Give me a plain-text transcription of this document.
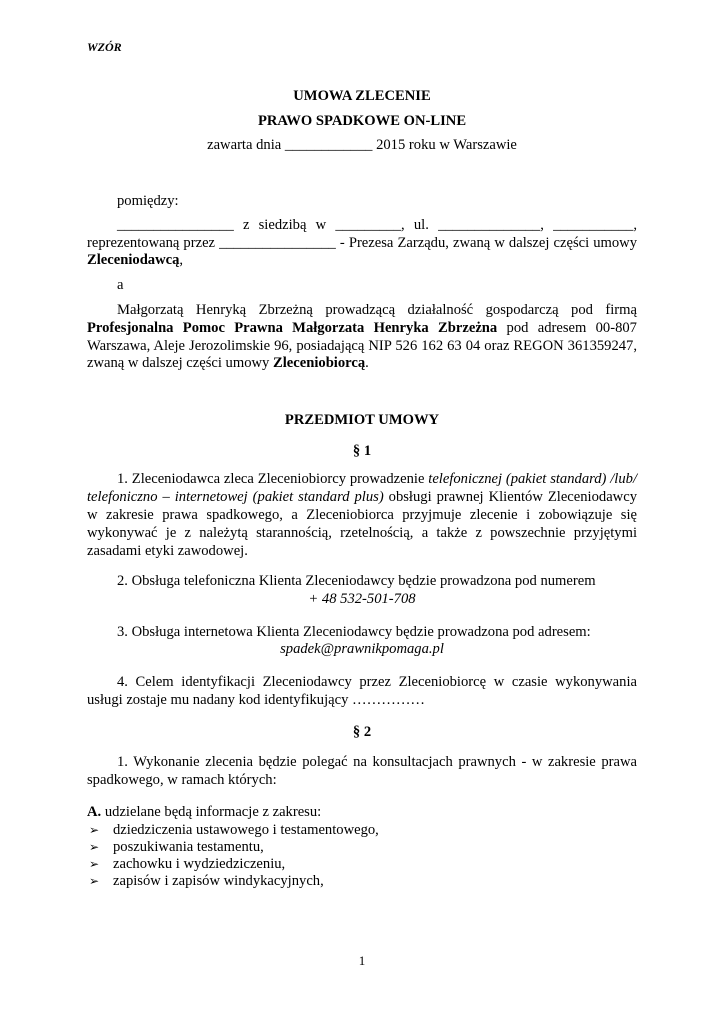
WZÓR
UMOWA ZLECENIE
PRAWO SPADKOWE ON-LINE
zawarta dnia ____________ 2015 roku w Warszawie
pomiędzy:
________________ z siedzibą w _________, ul. ______________, ___________,
reprezentowaną przez ________________ - Prezesa Zarządu, zwaną w dalszej części umowy
Zleceniodawcą,
a
Małgorzatą Henryką Zbrzeżną prowadzącą działalność gospodarczą pod firmą
Profesjonalna Pomoc Prawna Małgorzata Henryka Zbrzeżna pod adresem 00-807
Warszawa, Aleje Jerozolimskie 96, posiadającą NIP 526 162 63 04 oraz REGON 361359247,
zwaną w dalszej części umowy Zleceniobiorcą.
PRZEDMIOT UMOWY
§ 1
1. Zleceniodawca zleca Zleceniobiorcy prowadzenie telefonicznej (pakiet standard) /lub/
telefoniczno – internetowej (pakiet standard plus) obsługi prawnej Klientów Zleceniodawcy
w zakresie prawa spadkowego, a Zleceniobiorca przyjmuje zlecenie i zobowiązuje się
wykonywać je z należytą starannością, rzetelnością, a także z powszechnie przyjętymi
zasadami etyki zawodowej.
2. Obsługa telefoniczna Klienta Zleceniodawcy będzie prowadzona pod numerem
+ 48 532-501-708
3. Obsługa internetowa Klienta Zleceniodawcy będzie prowadzona pod adresem:
spadek@prawnikpomaga.pl
4. Celem identyfikacji Zleceniodawcy przez Zleceniobiorcę w czasie wykonywania
usługi zostaje mu nadany kod identyfikujący ……………
§ 2
1. Wykonanie zlecenia będzie polegać na konsultacjach prawnych - w zakresie prawa
spadkowego, w ramach których:
A. udzielane będą informacje z zakresu:
➢ dziedziczenia ustawowego i testamentowego,
➢ poszukiwania testamentu,
➢ zachowku i wydziedziczeniu,
➢ zapisów i zapisów windykacyjnych,
1
